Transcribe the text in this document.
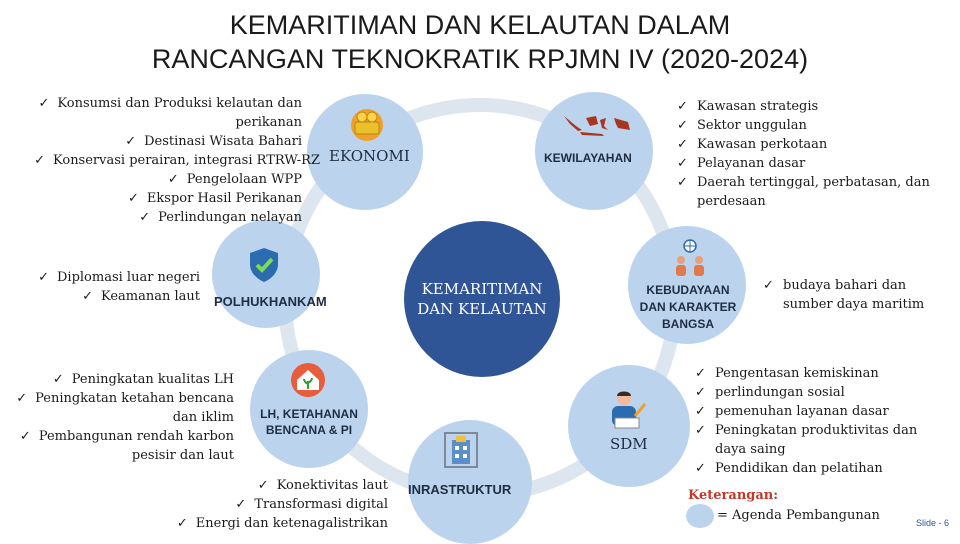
KEMARITIMAN DAN KELAUTAN DALAM
RANCANGAN TEKNOKRATIK RPJMN IV (2020-2024)
KEMARITIMAN DAN KELAUTAN
EKONOMI	KEWILAYAHAN
POLHUKHANKAM
KEBUDAYAAN DAN KARAKTER BANGSA
LH, KETAHANAN BENCANA & PI
SDM
INRASTRUKTUR
✓ Konsumsi dan Produksi kelautan dan perikanan
✓ Destinasi Wisata Bahari
✓ Konservasi perairan, integrasi RTRW-RZ
✓ Pengelolaan WPP
✓ Ekspor Hasil Perikanan
✓ Perlindungan nelayan
✓ Kawasan strategis
✓ Sektor unggulan
✓ Kawasan perkotaan
✓ Pelayanan dasar
✓ Daerah tertinggal, perbatasan, dan perdesaan
✓ Diplomasi luar negeri
✓ Keamanan laut
✓ budaya bahari dan sumber daya maritim
✓ Peningkatan kualitas LH
✓ Peningkatan ketahan bencana dan iklim
✓ Pembangunan rendah karbon pesisir dan laut
✓ Pengentasan kemiskinan
✓ perlindungan sosial
✓ pemenuhan layanan dasar
✓ Peningkatan produktivitas dan daya saing
✓ Pendidikan dan pelatihan
✓ Konektivitas laut
✓ Transformasi digital
✓ Energi dan ketenagalistrikan
Keterangan:
= Agenda Pembangunan	Slide - 6
